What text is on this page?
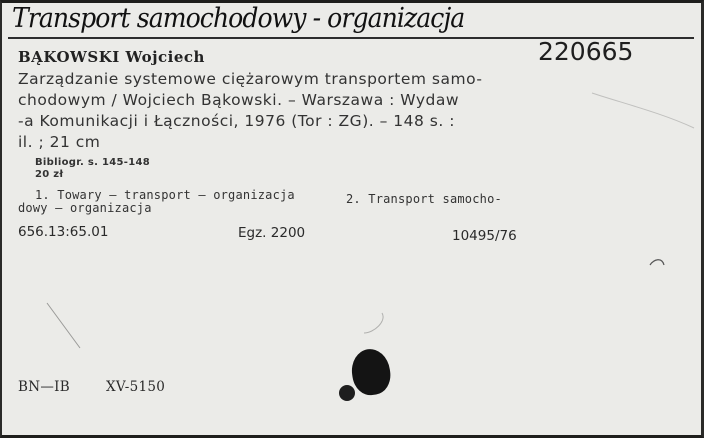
Transport samochodowy - organizacja
220665
BĄKOWSKI Wojciech
Zarządzanie systemowe ciężarowym transportem samo-
chodowym / Wojciech Bąkowski. – Warszawa : Wydaw
-a Komunikacji i Łączności, 1976 (Tor : ZG). – 148 s. :
il. ; 21 cm
Bibliogr. s. 145-148
20 zł
1. Towary — transport — organizacja	2. Transport samocho-
dowy — organizacja
656.13:65.01	Egz. 2200	10495/76
BN—IB	XV-5150
